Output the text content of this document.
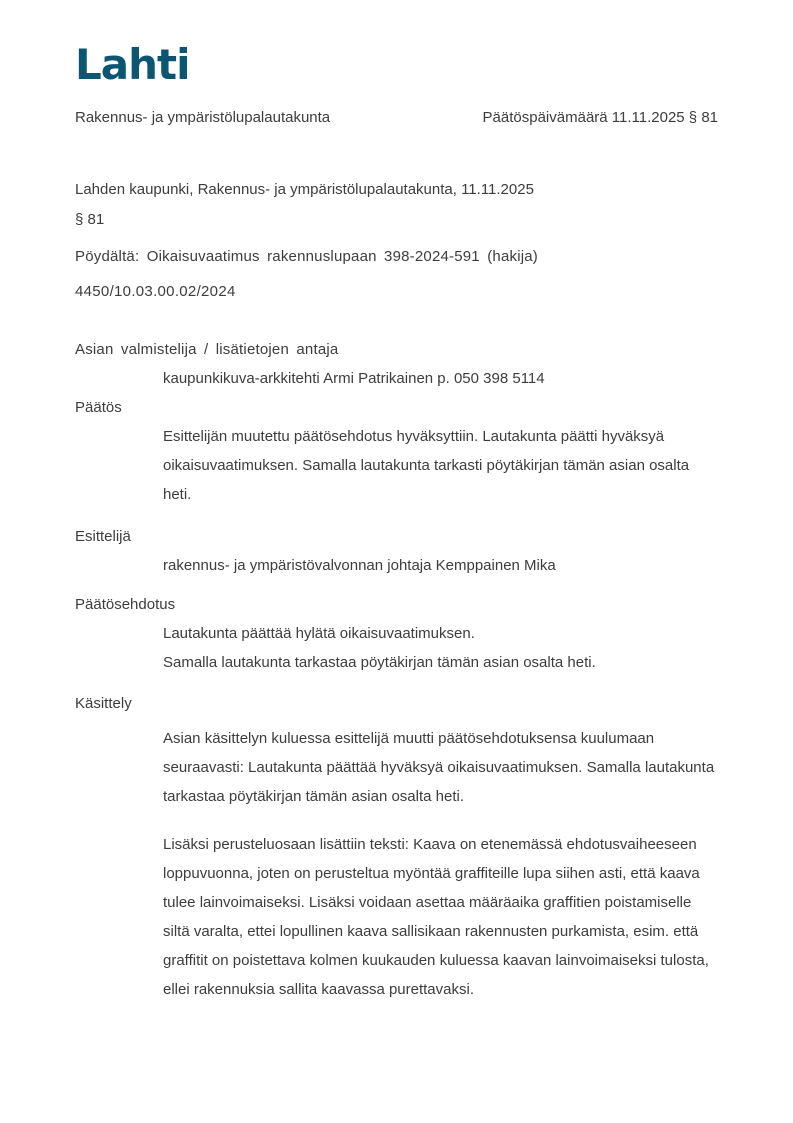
Lahti
Rakennus- ja ympäristölupalautakunta	Päätöspäivämäärä 11.11.2025 § 81
Lahden kaupunki, Rakennus- ja ympäristölupalautakunta, 11.11.2025
§ 81
Pöydältä: Oikaisuvaatimus rakennuslupaan 398-2024-591 (hakija)
4450/10.03.00.02/2024
Asian valmistelija / lisätietojen antaja

kaupunkikuva-arkkitehti Armi Patrikainen p. 050 398 5114

Päätös

Esittelijän muutettu päätösehdotus hyväksyttiin. Lautakunta päätti hyväksyä oikaisuvaatimuksen. Samalla lautakunta tarkasti pöytäkirjan tämän asian osalta heti.

Esittelijä

rakennus- ja ympäristövalvonnan johtaja Kemppainen Mika

Päätösehdotus

Lautakunta päättää hylätä oikaisuvaatimuksen.

Samalla lautakunta tarkastaa pöytäkirjan tämän asian osalta heti.

Käsittely

Asian käsittelyn kuluessa esittelijä muutti päätösehdotuksensa kuulumaan seuraavasti: Lautakunta päättää hyväksyä oikaisuvaatimuksen. Samalla lautakunta tarkastaa pöytäkirjan tämän asian osalta heti.

Lisäksi perusteluosaan lisättiin teksti: Kaava on etenemässä ehdotusvaiheeseen loppuvuonna, joten on perusteltua myöntää graffiteille lupa siihen asti, että kaava tulee lainvoimaiseksi. Lisäksi voidaan asettaa määräaika graffitien poistamiselle siltä varalta, ettei lopullinen kaava sallisikaan rakennusten purkamista, esim. että graffitit on poistettava kolmen kuukauden kuluessa kaavan lainvoimaiseksi tulosta, ellei rakennuksia sallita kaavassa purettavaksi.
